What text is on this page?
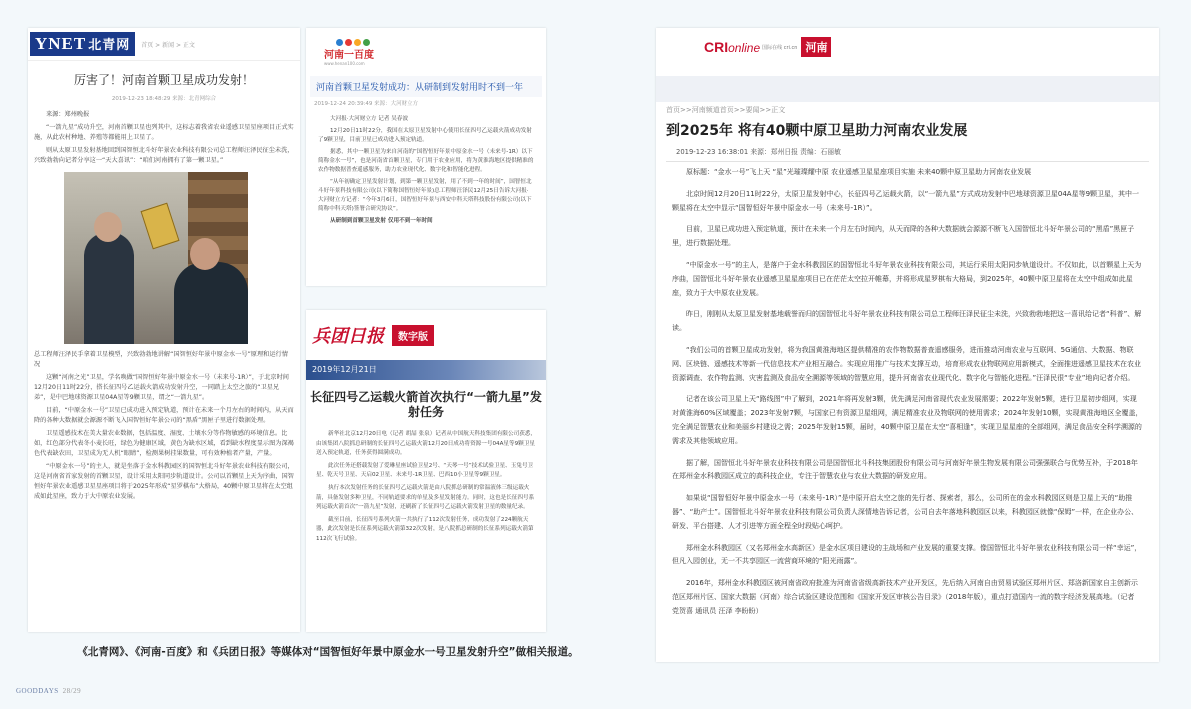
YNET 北青网	首页 > 新闻 > 正文
厉害了！河南首颗卫星成功发射！
2019-12-23 18:48:29 来源：北青网综合

来源：郑州晚报

“一箭九星”成功升空，河南首颗卫星也列其中，这标志着我省农业遥感卫星星座项目正式实施，从此农村种地、养殖等都能用上卫星了。

则从太原卫星发射基地回到国智恒北斗好年景农业科技有限公司总工程师汪泽民征尘未洗，兴致勃勃向记者分享这一“天大喜讯”：“咱们河南拥有了第一颗卫星。”

总工程师汪泽民手拿着卫星模型，兴致勃勃地讲解“国智恒好年景中原金水一号”原理和运行情况

这颗“河南之光”卫星，学名唤做“国智恒好年景中原金水一号（未来号-1R）”，于北京时间12月20日11时22分，搭长征四号乙运载火箭成功发射升空，一同踏上太空之旅的“卫星兄弟”，是中巴地球资源卫星04A星等9颗卫星，谓之“一箭九星”。

目前，“中原金水一号”卫星已成功进入预定轨道，预计在未来一个月左右的时间内，从天而降的各种大数据就会源源不断飞入国智恒好年景公司的“黑盾”黑匣子里进行数据处理。

卫星遥感技术在美大量农业数据，包括温度、湿度、土壤水分等作物敏感的环境信息。比如，红色部分代表冬小麦长旺，绿色为健康区域，黄色为缺水区域，看到缺水程度显示图为深褐色代表缺农田，卫星成为无人机“眼睛”，检测果树挂果数量，可有效种植者产量，产量。

“中原金水一号”的主人，就是坐落于金水科教园区的国智恒北斗好年景农业科技有限公司，这是河南省首家发射的首颗卫星，设计采用太阳同步轨道设计。公司以首颗星上天为序曲，国智恒好年景农业遥感卫星星座项目将于2025年形成“星罗棋布”大格局，40颗中原卫星将在太空组成如此星座，致力于大中原农业发展。

河南一百度
www.henan100.com
河南首颗卫星发射成功：从研制到发射用时不到一年
2019-12-24 20:39:49 来源：大河财立方

大河报·大河财立方 记者 吴春波

12月20日11时22分，我国在太原卫星发射中心使用长征四号乙运载火箭成功发射了9颗卫星，目前卫星已成功进入预定轨道。

据悉，其中一颗卫星为来自河南的“国智恒好年景中原金水一号（未来号-1R）以下简称金水一号”，也是河南省首颗卫星，专门用于农业应用，将为黄淮海地区提供精准的农作物数据普查遥感服务，助力农业现代化、数字化和智能化进程。

“从年初确定卫星发射计划，到第一颗卫星发射，用了不到一年的时间”，国智恒北斗好年景科技有限公司(以下简称国智恒好年景)总工程师汪泽民12月25日告诉大河报·大河财立方记者：“今年3月6日，国智恒好年景与西安中科天塔科技股份有限公司(以下简称中科天塔)签署合研究协议”。

从研制到首颗卫星发射 仅用不到一年时间

兵团日报	数字版
2019年12月21日
长征四号乙运载火箭首次执行“一箭九星”发射任务

新华社北京12月20日电（记者 胡喆 张泉）记者从中国航天科技集团有限公司获悉，由该集团八院抓总研制的长征四号乙运载火箭12月20日成功将资源一号04A星等9颗卫星送入预定轨道，任务获得圆满成功。

此次任务还搭载发射了爱琳星座试验卫星2号、“天琴一号”技术试验卫星、玉兔号卫星、乾天号卫星、天启02卫星、未来号-1R卫星、巴西10小卫星等9颗卫星。

执行本次发射任务的长征四号乙运载火箭是由八院抓总研制的常温液体三级运载火箭，具备发射多种卫星，不同轨道要求的单星及多星发射能力。同时，这也是长征四号系列运载火箭首次“一箭九星”发射，还刷新了长征四号乙运载火箭发射卫星的数量纪录。

截至目前，长征四号系列火箭一共执行了112次发射任务，成功发射了224颗航天器，此次发射是长征系列运载火箭第322次发射，是八院抓总研制的长征系列运载火箭第112次飞行试验。

CRIonline 国际在线 cri.cn 河南
首页>>河南频道首页>>要闻>>正文
到2025年 将有40颗中原卫星助力河南农业发展
2019-12-23 16:38:01 来源：郑州日报 责编：石丽敏

原标题：“金水一号”飞上天 “星”光璀璨耀中原 农业遥感卫星星座项目实施 未来40颗中原卫星助力河南农业发展

北京时间12月20日11时22分，太原卫星发射中心，长征四号乙运载火箭，以“一箭九星”方式成功发射中巴地球资源卫星04A星等9颗卫星，其中一颗星将在太空中显示“国智恒好年景中原金水一号（未来号-1R）”。

目前，卫星已成功进入预定轨道，预计在未来一个月左右时间内，从天而降的各种大数据就会源源不断飞入国智恒北斗好年景公司的“黑盾”黑匣子里，进行数据处理。

“中原金水一号”的主人，是落户于金水科教园区的国智恒北斗好年景农业科技有限公司，其运行采用太阳同步轨道设计。不仅如此，以首颗星上天为序曲，国智恒北斗好年景农业遥感卫星星座项目已在茫茫太空拉开帷幕，并将形成星罗棋布大格局，到2025年，40颗中原卫星将在太空中组成如此星座，致力于大中原农业发展。

昨日，刚刚从太原卫星发射基地载誉而归的国智恒北斗好年景农业科技有限公司总工程师汪泽民征尘未洗，兴致勃勃地把这一喜讯给记者“科普”、解读。

“我们公司的首颗卫星成功发射，将为我国黄淮海地区提供精准的农作物数据普查遥感服务，进而推动河南农业与互联网、5G通信、大数据、物联网、区块链、遥感技术等新一代信息技术产业相互融合。实现应用推广与技术支撑互动，培育形成农业物联网应用新模式，全面推进遥感卫星技术在农业资源调查、农作物监测、灾害监测及食品安全溯源等领域的智慧应用，提升河南省农业现代化、数字化与智能化进程。”汪泽民很“专业”地向记者介绍。

记者在该公司卫星上天“路线图”中了解到，2021年将再发射3颗，优先满足河南省现代农业发展需要；2022年发射5颗，进行卫星初步组网，实现对黄淮海60%区域覆盖；2023年发射7颗，与国家已有资源卫星组网，满足精准农业及物联网的使用需求；2024年发射10颗，实现黄淮海地区全覆盖，完全满足智慧农业和美丽乡村建设之需；2025年发射15颗，届时，40颗中原卫星在太空“喜相逢”，实现卫星星座的全部组网，满足食品安全科学溯源的需求及其他领域应用。

据了解，国智恒北斗好年景农业科技有限公司是国智恒北斗科技集团股份有限公司与河南好年景生物发展有限公司强强联合与优势互补，于2018年在郑州金水科教园区成立的高科技企业，专注于智慧农业与农业大数据的研发应用。

如果说“国智恒好年景中原金水一号（未来号-1R）”是中原开启太空之旅的先行者、探索者，那么，公司所在的金水科教园区则是卫星上天的“助推器”、“助产士”。国智恒北斗好年景农业科技有限公司负责人深情地告诉记者，公司自去年落地科教园区以来，科教园区就像“保姆”一样，在企业办公、研发、平台搭建、人才引进等方面全程全时段贴心呵护。

郑州金水科教园区（又名郑州金水高新区）是金水区项目建设的主战场和产业发展的重要支撑。像国智恒北斗好年景农业科技有限公司一样“幸运”，但凡入园创业，无一不共享园区一流营商环境的“阳光雨露”。

2016年，郑州金水科教园区被河南省政府批准为河南省省级高新技术产业开发区，先后纳入河南自由贸易试验区郑州片区、郑洛新国家自主创新示范区郑州片区、国家大数据（河南）综合试验区建设范围和《国家开发区审核公告目录》（2018年版），重点打造国内一流的数字经济发展高地。（记者 党贺喜 通讯员 汪泽 李盼盼）

《北青网》、《河南-百度》和《兵团日报》等媒体对“国智恒好年景中原金水一号卫星发射升空”做相关报道。
GOODDAYS 28/29
